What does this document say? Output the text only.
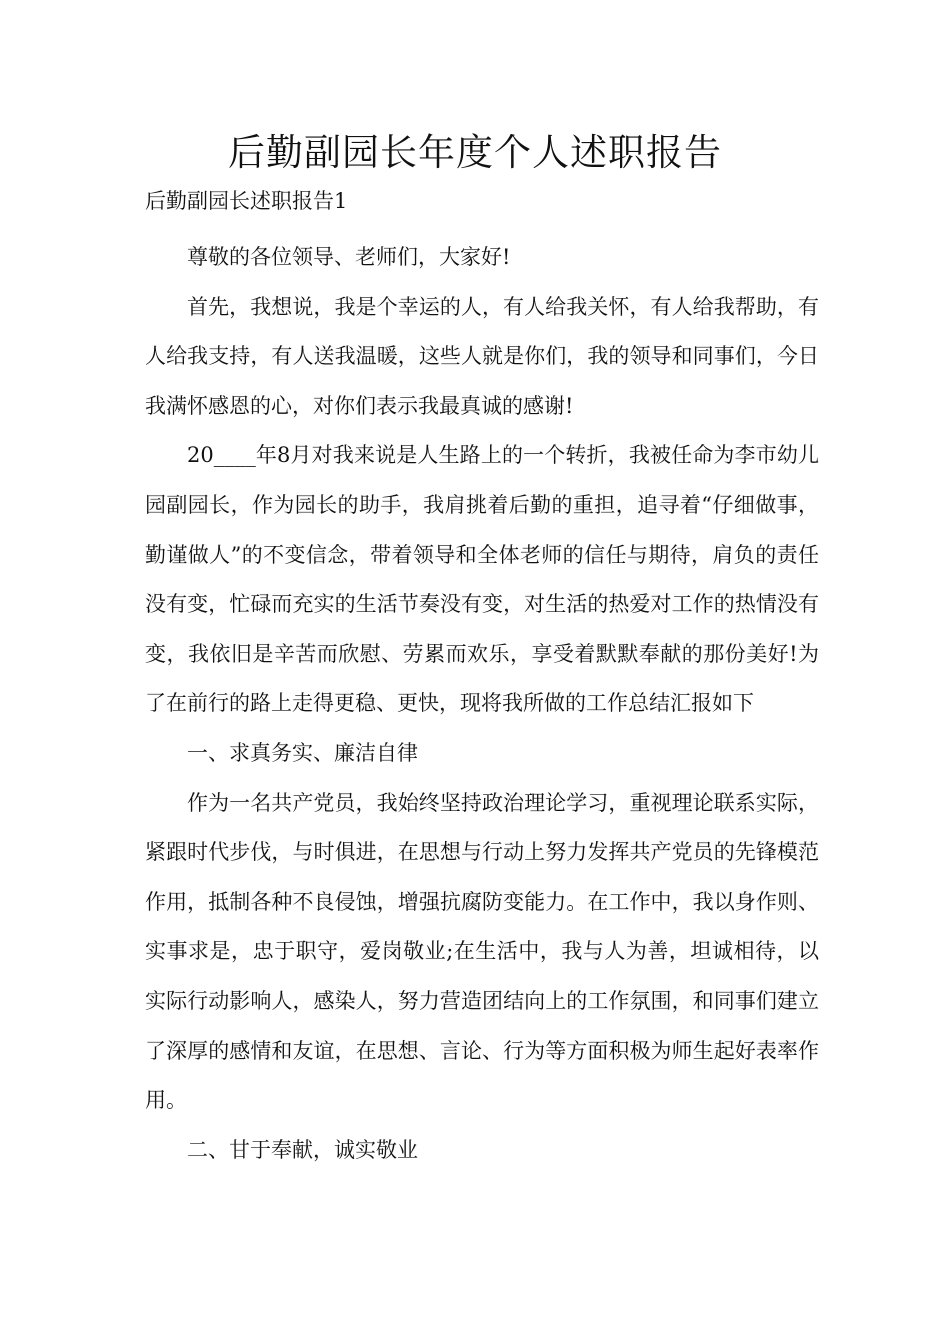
后勤副园长年度个人述职报告
后勤副园长述职报告1

尊敬的各位领导、老师们，大家好!

首先，我想说，我是个幸运的人，有人给我关怀，有人给我帮助，有人给我支持，有人送我温暖，这些人就是你们，我的领导和同事们，今日我满怀感恩的心，对你们表示我最真诚的感谢!

20____年8月对我来说是人生路上的一个转折，我被任命为李市幼儿园副园长，作为园长的助手，我肩挑着后勤的重担，追寻着“仔细做事，勤谨做人”的不变信念，带着领导和全体老师的信任与期待，肩负的责任没有变，忙碌而充实的生活节奏没有变，对生活的热爱对工作的热情没有变，我依旧是辛苦而欣慰、劳累而欢乐，享受着默默奉献的那份美好!为了在前行的路上走得更稳、更快，现将我所做的工作总结汇报如下

一、求真务实、廉洁自律

作为一名共产党员，我始终坚持政治理论学习，重视理论联系实际，紧跟时代步伐，与时俱进，在思想与行动上努力发挥共产党员的先锋模范作用，抵制各种不良侵蚀，增强抗腐防变能力。在工作中，我以身作则、实事求是，忠于职守，爱岗敬业;在生活中，我与人为善，坦诚相待，以实际行动影响人，感染人，努力营造团结向上的工作氛围，和同事们建立了深厚的感情和友谊，在思想、言论、行为等方面积极为师生起好表率作用。

二、甘于奉献，诚实敬业
